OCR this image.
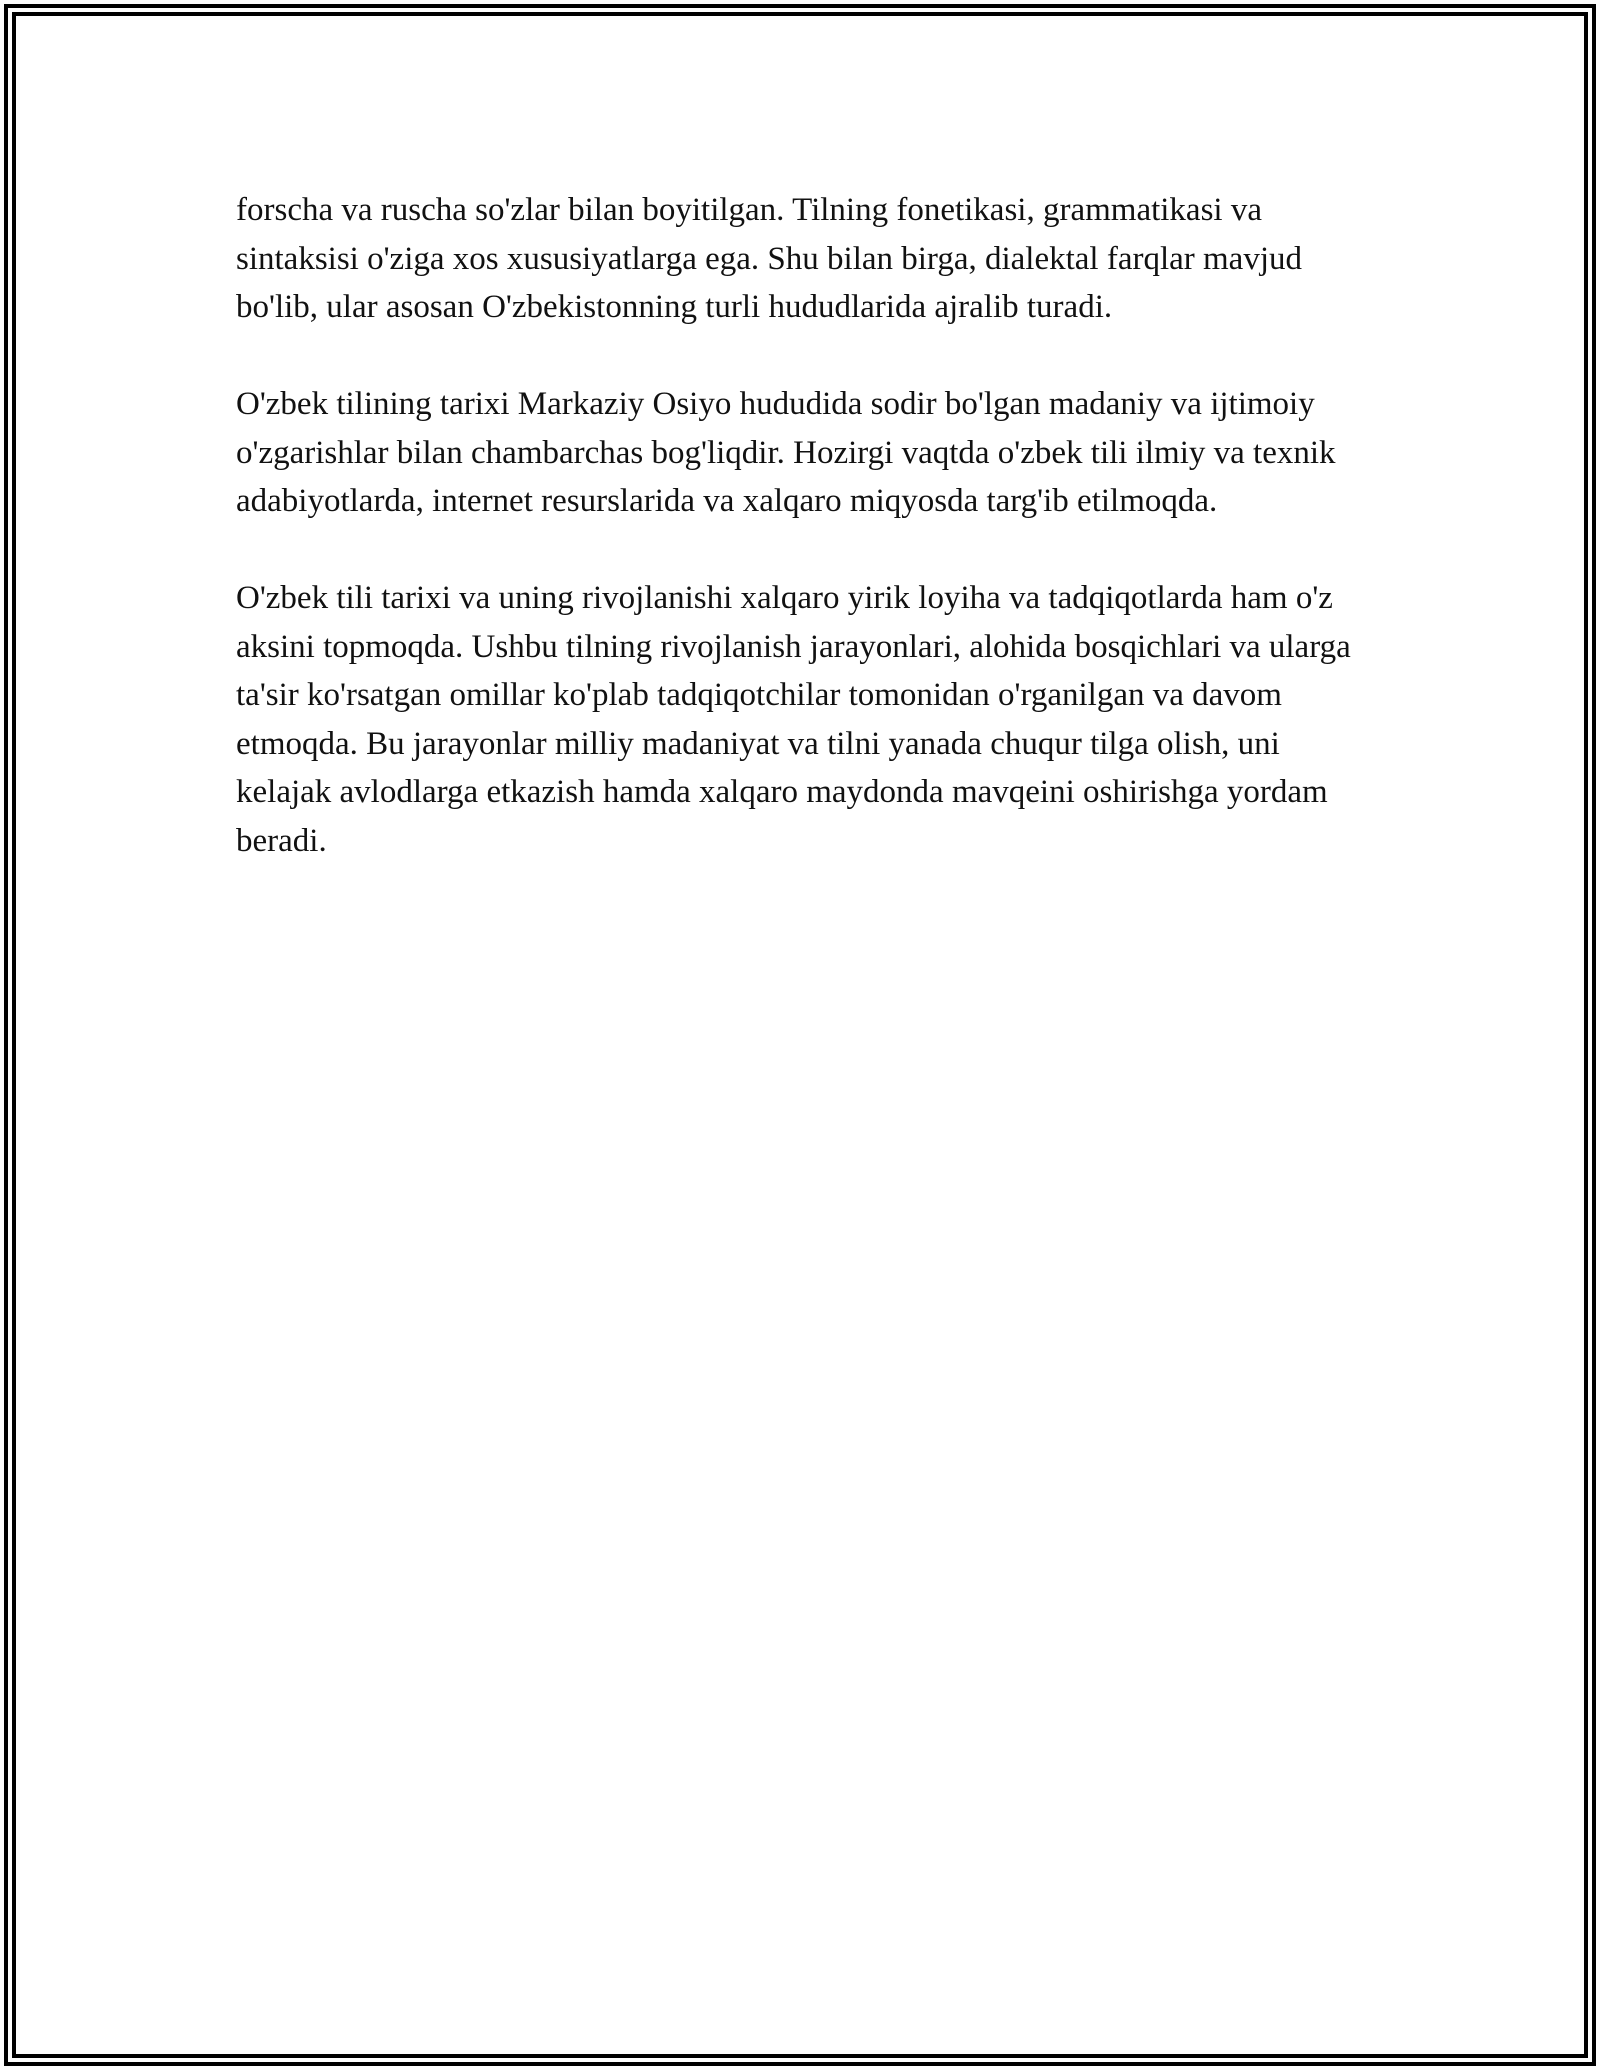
forscha va ruscha so'zlar bilan boyitilgan. Tilning fonetikasi, grammatikasi va sintaksisi o'ziga xos xususiyatlarga ega. Shu bilan birga, dialektal farqlar mavjud bo'lib, ular asosan O'zbekistonning turli hududlarida ajralib turadi.

O'zbek tilining tarixi Markaziy Osiyo hududida sodir bo'lgan madaniy va ijtimoiy o'zgarishlar bilan chambarchas bog'liqdir. Hozirgi vaqtda o'zbek tili ilmiy va texnik adabiyotlarda, internet resurslarida va xalqaro miqyosda targ'ib etilmoqda.

O'zbek tili tarixi va uning rivojlanishi xalqaro yirik loyiha va tadqiqotlarda ham o'z aksini topmoqda. Ushbu tilning rivojlanish jarayonlari, alohida bosqichlari va ularga ta'sir ko'rsatgan omillar ko'plab tadqiqotchilar tomonidan o'rganilgan va davom etmoqda. Bu jarayonlar milliy madaniyat va tilni yanada chuqur tilga olish, uni kelajak avlodlarga etkazish hamda xalqaro maydonda mavqeini oshirishga yordam beradi.
